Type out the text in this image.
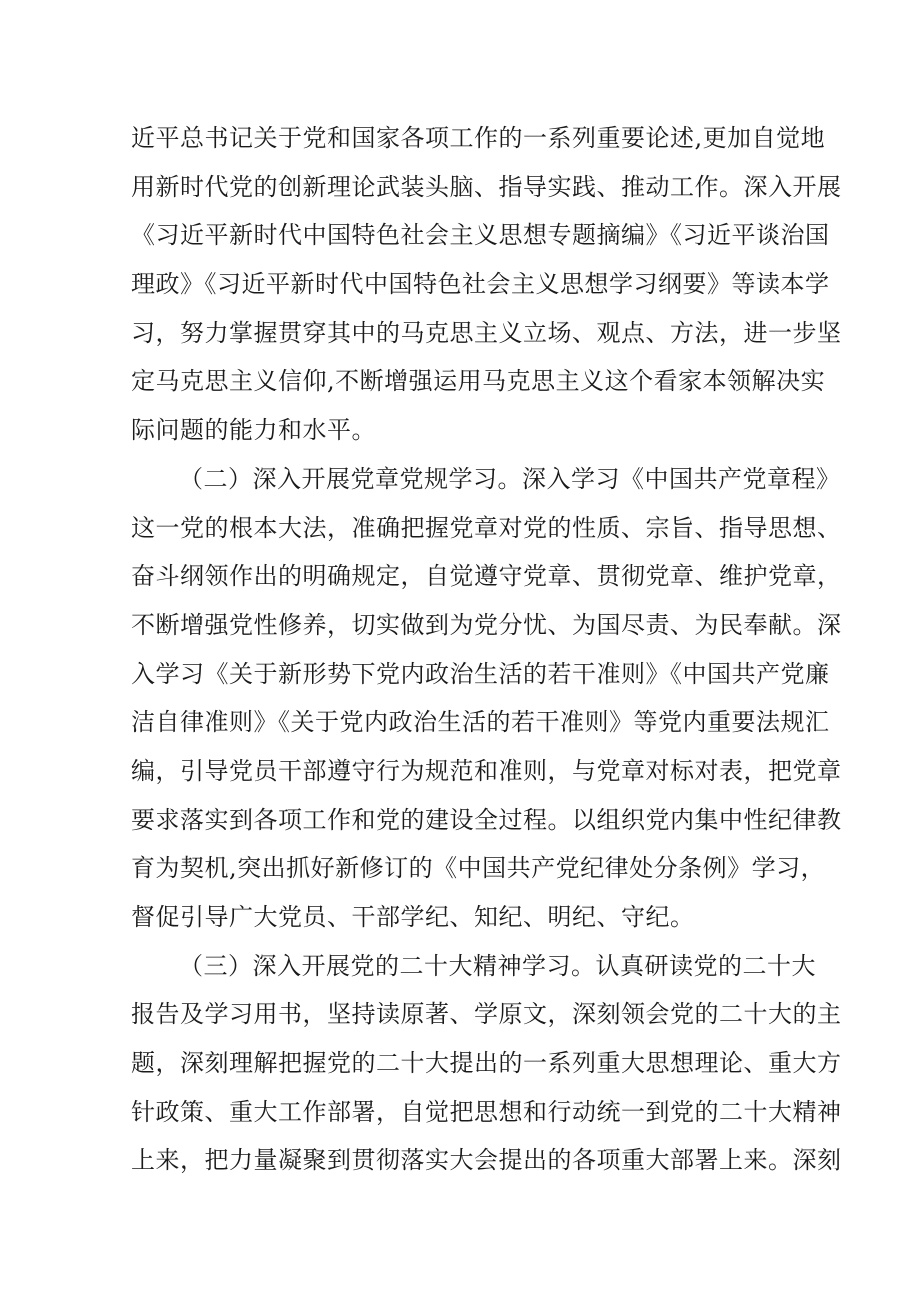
近平总书记关于党和国家各项工作的一系列重要论述,更加自觉地
用新时代党的创新理论武装头脑、指导实践、推动工作。深入开展
《习近平新时代中国特色社会主义思想专题摘编》《习近平谈治国
理政》《习近平新时代中国特色社会主义思想学习纲要》等读本学
习，努力掌握贯穿其中的马克思主义立场、观点、方法，进一步坚
定马克思主义信仰,不断增强运用马克思主义这个看家本领解决实
际问题的能力和水平。
（二）深入开展党章党规学习。深入学习《中国共产党章程》
这一党的根本大法，准确把握党章对党的性质、宗旨、指导思想、
奋斗纲领作出的明确规定，自觉遵守党章、贯彻党章、维护党章，
不断增强党性修养，切实做到为党分忧、为国尽责、为民奉献。深
入学习《关于新形势下党内政治生活的若干准则》《中国共产党廉
洁自律准则》《关于党内政治生活的若干准则》等党内重要法规汇
编，引导党员干部遵守行为规范和准则，与党章对标对表，把党章
要求落实到各项工作和党的建设全过程。以组织党内集中性纪律教
育为契机,突出抓好新修订的《中国共产党纪律处分条例》学习，
督促引导广大党员、干部学纪、知纪、明纪、守纪。
（三）深入开展党的二十大精神学习。认真研读党的二十大
报告及学习用书，坚持读原著、学原文，深刻领会党的二十大的主
题，深刻理解把握党的二十大提出的一系列重大思想理论、重大方
针政策、重大工作部署，自觉把思想和行动统一到党的二十大精神
上来，把力量凝聚到贯彻落实大会提出的各项重大部署上来。深刻
